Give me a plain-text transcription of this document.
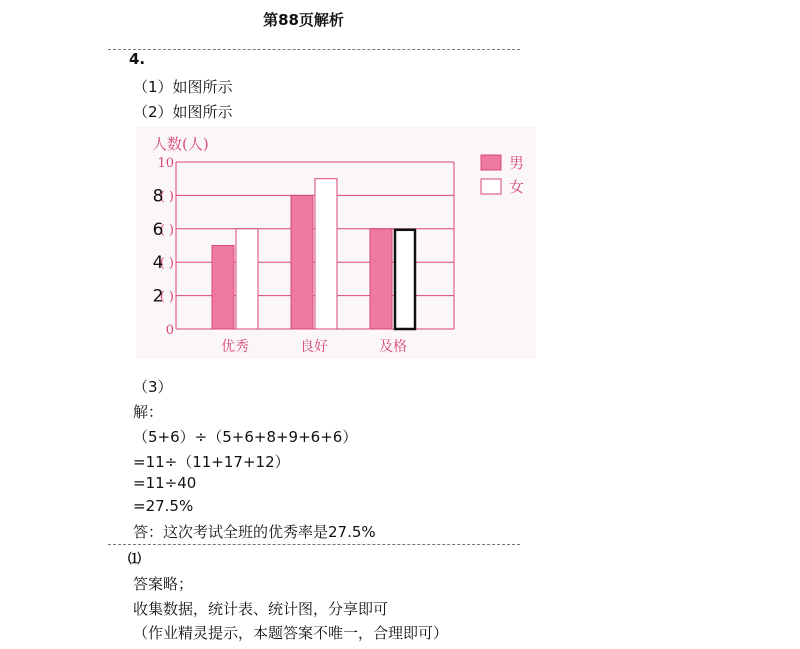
第88页解析
4.
（1）如图所示
（2）如图所示
人数(人)
0
( )
2
( )
4
( )
6
( )
8
10
优秀	良好	及格
男
女
（3）
解：
（5+6）÷（5+6+8+9+6+6）
=11÷（11+17+12）
=11÷40
=27.5%
答：这次考试全班的优秀率是27.5%
⑴
答案略；
收集数据，统计表、统计图，分享即可
（作业精灵提示，本题答案不唯一，合理即可）
